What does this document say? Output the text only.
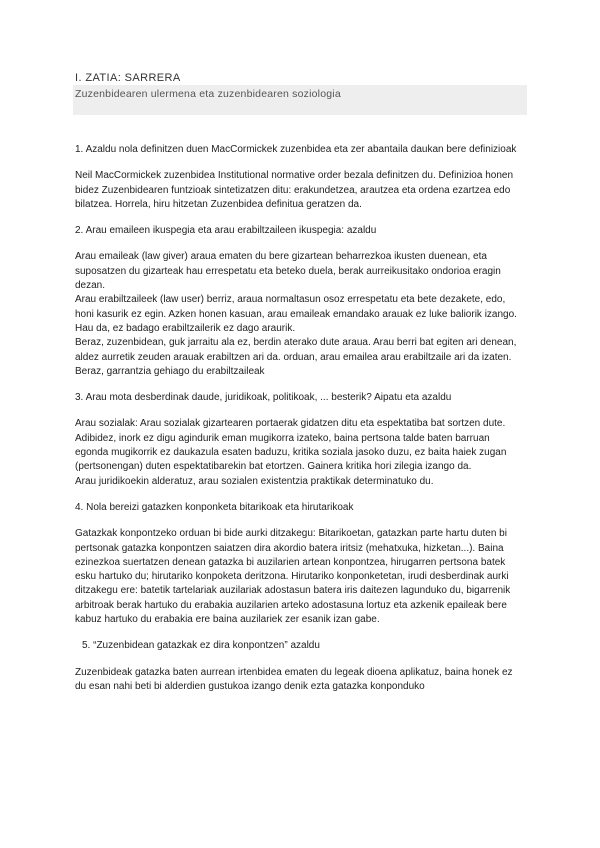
I. ZATIA: SARRERA
Zuzenbidearen ulermena eta zuzenbidearen soziologia
1. Azaldu nola definitzen duen MacCormickek zuzenbidea eta zer abantaila daukan bere definizioak
Neil MacCormickek zuzenbidea Institutional normative order bezala definitzen du. Definizioa honen bidez Zuzenbidearen funtzioak sintetizatzen ditu: erakundetzea, arautzea eta ordena ezartzea edo bilatzea. Horrela, hiru hitzetan Zuzenbidea definitua geratzen da.
2. Arau emaileen ikuspegia eta arau erabiltzaileen ikuspegia: azaldu
Arau emaileak (law giver) araua ematen du bere gizartean beharrezkoa ikusten duenean, eta suposatzen du gizarteak hau errespetatu eta beteko duela, berak aurreikusitako ondorioa eragin dezan.
Arau erabiltzaileek (law user) berriz, araua normaltasun osoz errespetatu eta bete dezakete, edo, honi kasurik ez egin. Azken honen kasuan, arau emaileak emandako arauak ez luke baliorik izango. Hau da, ez badago erabiltzailerik ez dago araurik.
Beraz, zuzenbidean, guk jarraitu ala ez, berdin aterako dute araua. Arau berri bat egiten ari denean, aldez aurretik zeuden arauak erabiltzen ari da. orduan, arau emailea arau erabiltzaile ari da izaten. Beraz, garrantzia gehiago du erabiltzaileak
3. Arau mota desberdinak daude, juridikoak, politikoak, ... besterik? Aipatu eta azaldu
Arau sozialak: Arau sozialak gizartearen portaerak gidatzen ditu eta espektatiba bat sortzen dute. Adibidez, inork ez digu agindurik eman mugikorra izateko, baina pertsona talde baten barruan egonda mugikorrik ez daukazula esaten baduzu, kritika soziala jasoko duzu, ez baita haiek zugan (pertsonengan) duten espektatibarekin bat etortzen. Gainera kritika hori zilegia izango da.
Arau juridikoekin alderatuz, arau sozialen existentzia praktikak determinatuko du.
4. Nola bereizi gatazken konponketa bitarikoak eta hirutarikoak
Gatazkak konpontzeko orduan bi bide aurki ditzakegu: Bitarikoetan, gatazkan parte hartu duten bi pertsonak gatazka konpontzen saiatzen dira akordio batera iritsiz (mehatxuka, hizketan...). Baina ezinezkoa suertatzen denean gatazka bi auzilarien artean konpontzea, hirugarren pertsona batek esku hartuko du; hirutariko konpoketa deritzona. Hirutariko konponketetan, irudi desberdinak aurki ditzakegu ere: batetik tartelariak auzilariak adostasun batera iris daitezen lagunduko du, bigarrenik arbitroak berak hartuko du erabakia auzilarien arteko adostasuna lortuz eta azkenik epaileak bere kabuz hartuko du erabakia ere baina auzilariek zer esanik izan gabe.
5. “Zuzenbidean gatazkak ez dira konpontzen” azaldu
Zuzenbideak gatazka baten aurrean irtenbidea ematen du legeak dioena aplikatuz, baina honek ez du esan nahi beti bi alderdien gustukoa izango denik ezta gatazka konponduko
